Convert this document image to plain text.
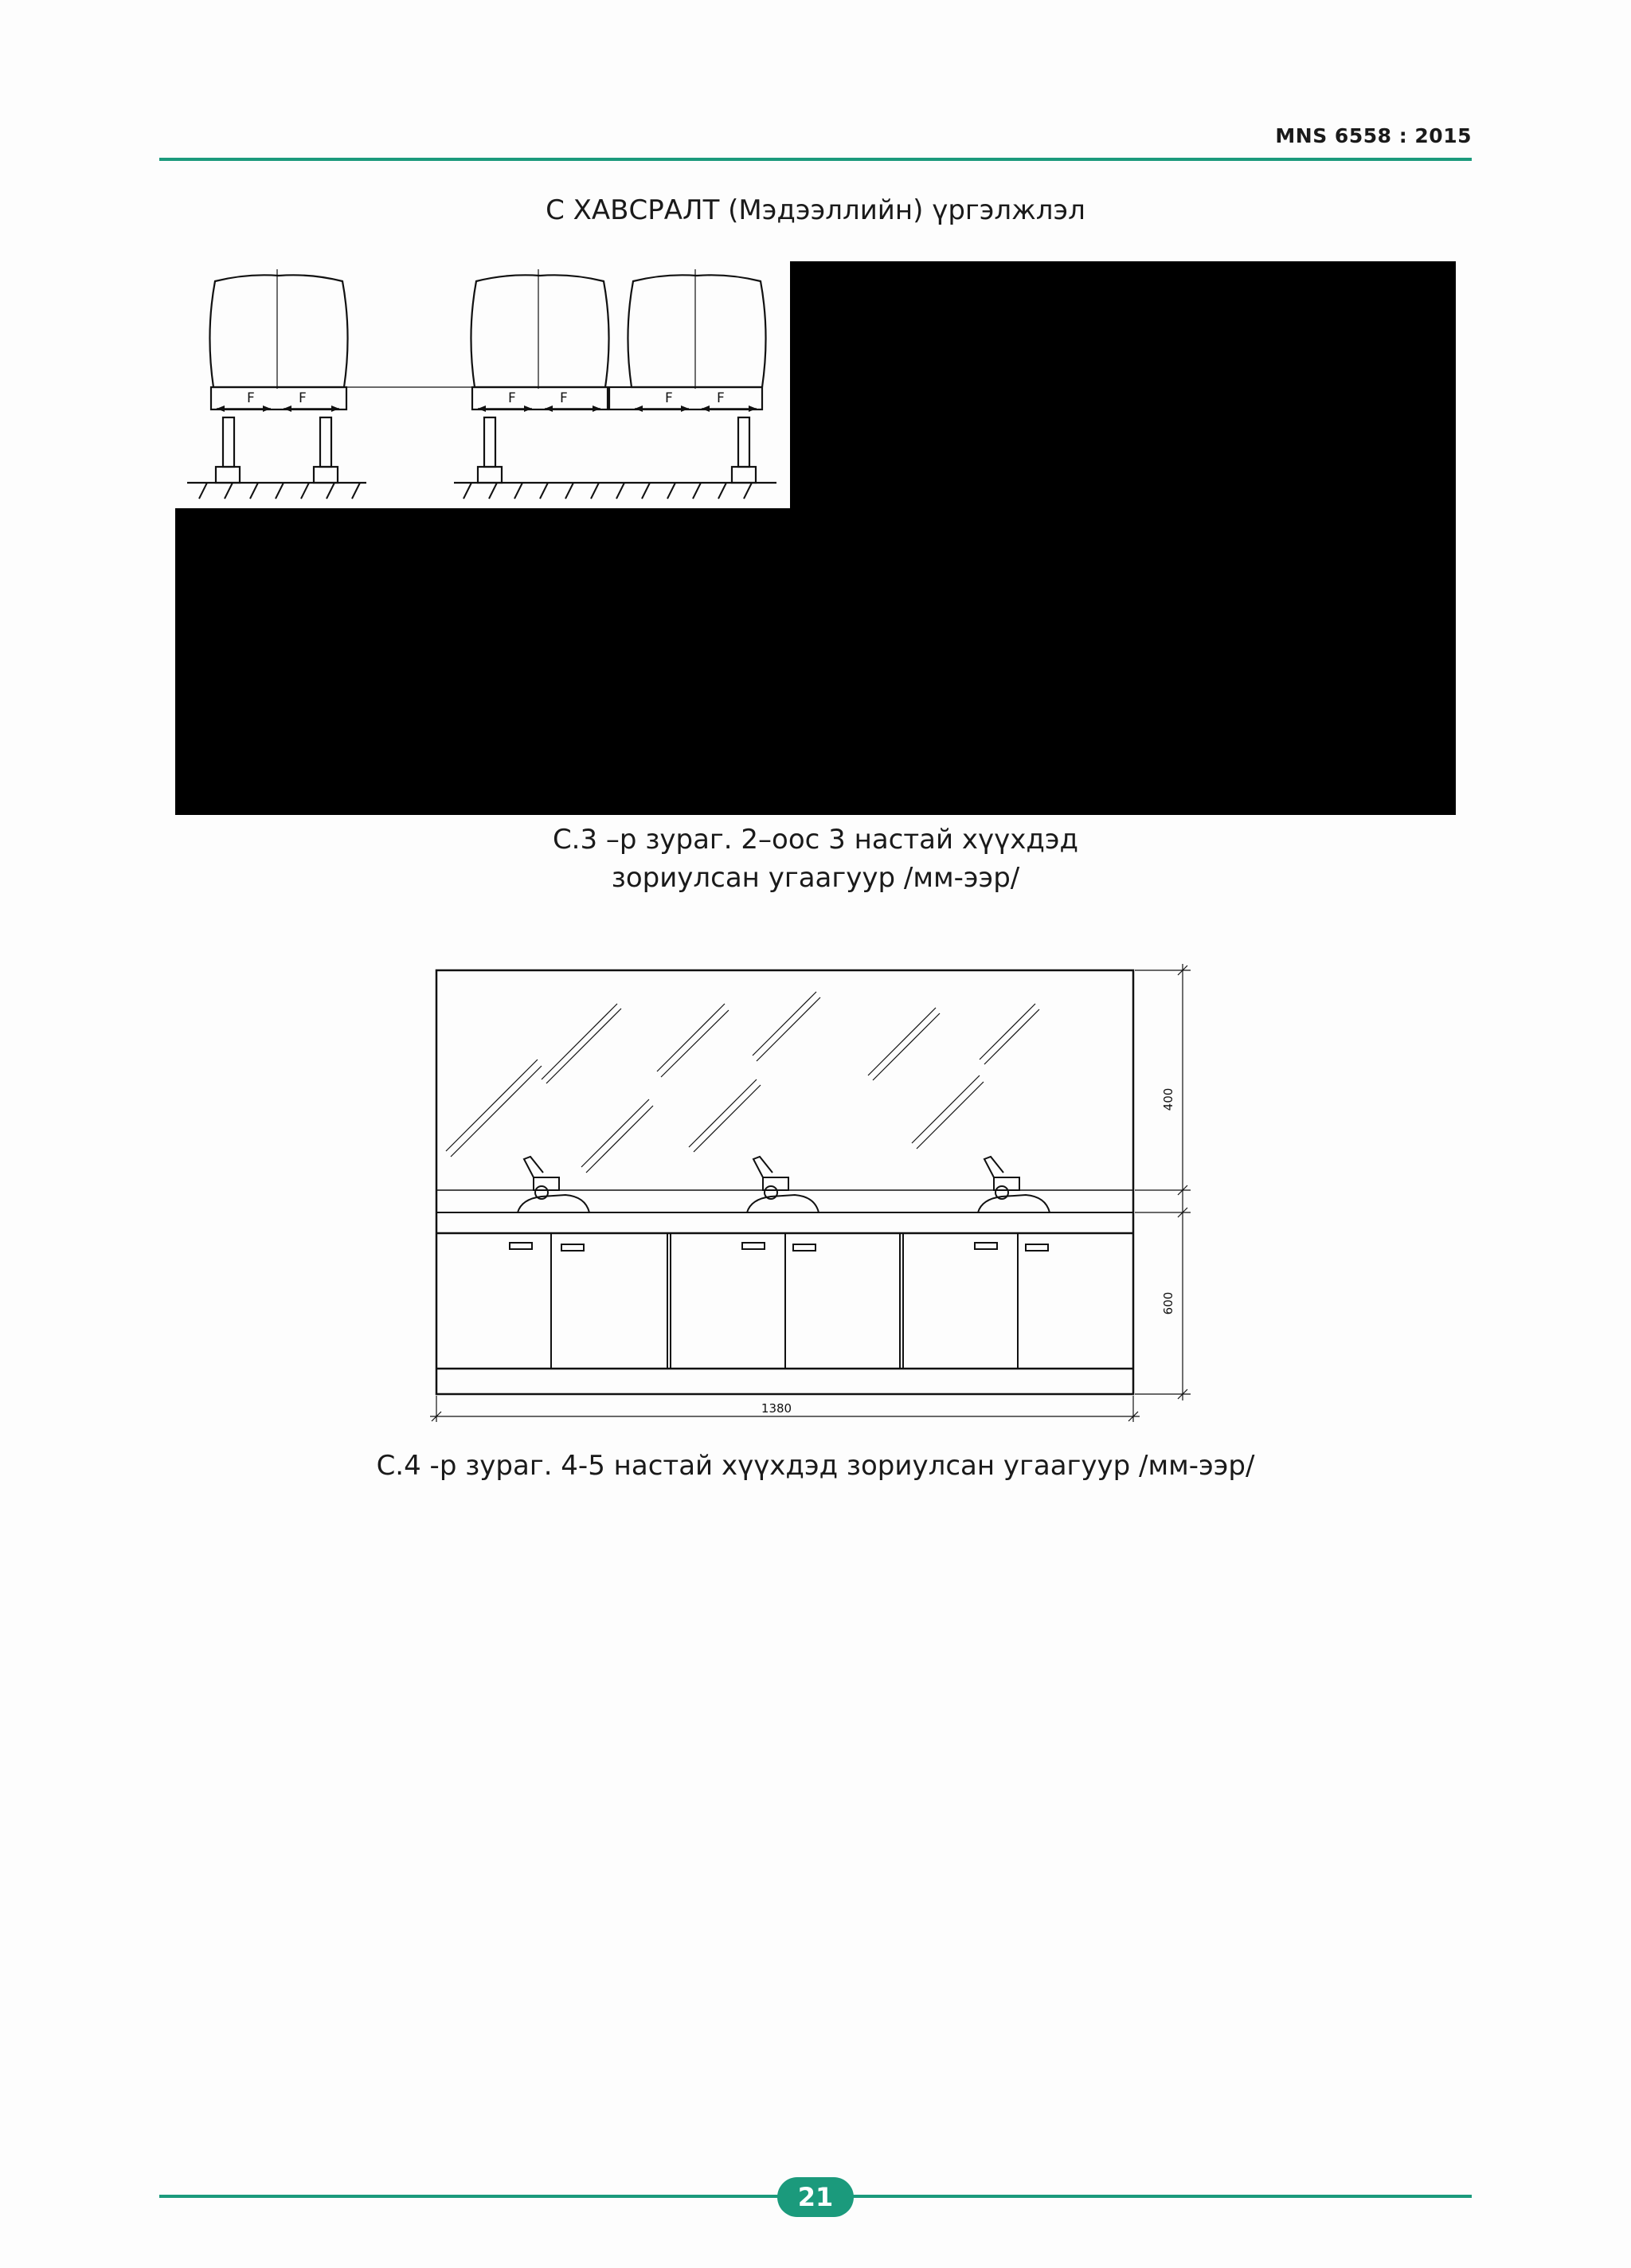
MNS 6558 : 2015
С ХАВСРАЛТ (Мэдээллийн) үргэлжлэл
F	F	F	F	F	F
С.3 –р зураг. 2–оос 3 настай хүүхдэд
зориулсан угаагуур /мм-ээр/
400
600
1380
С.4 -р зураг. 4-5 настай хүүхдэд зориулсан угаагуур /мм-ээр/
21
